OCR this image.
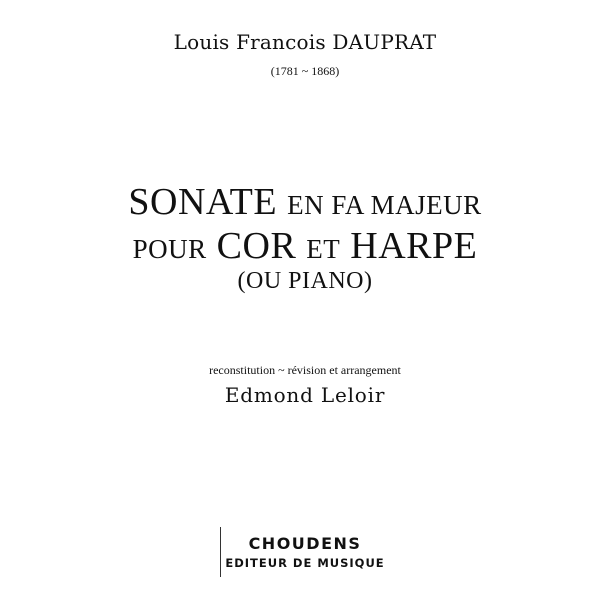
Louis Francois DAUPRAT
(1781 ~ 1868)
SONATE EN FA MAJEUR
POUR COR ET HARPE
(OU PIANO)
reconstitution ~ révision et arrangement
Edmond Leloir
CHOUDENS
EDITEUR DE MUSIQUE
